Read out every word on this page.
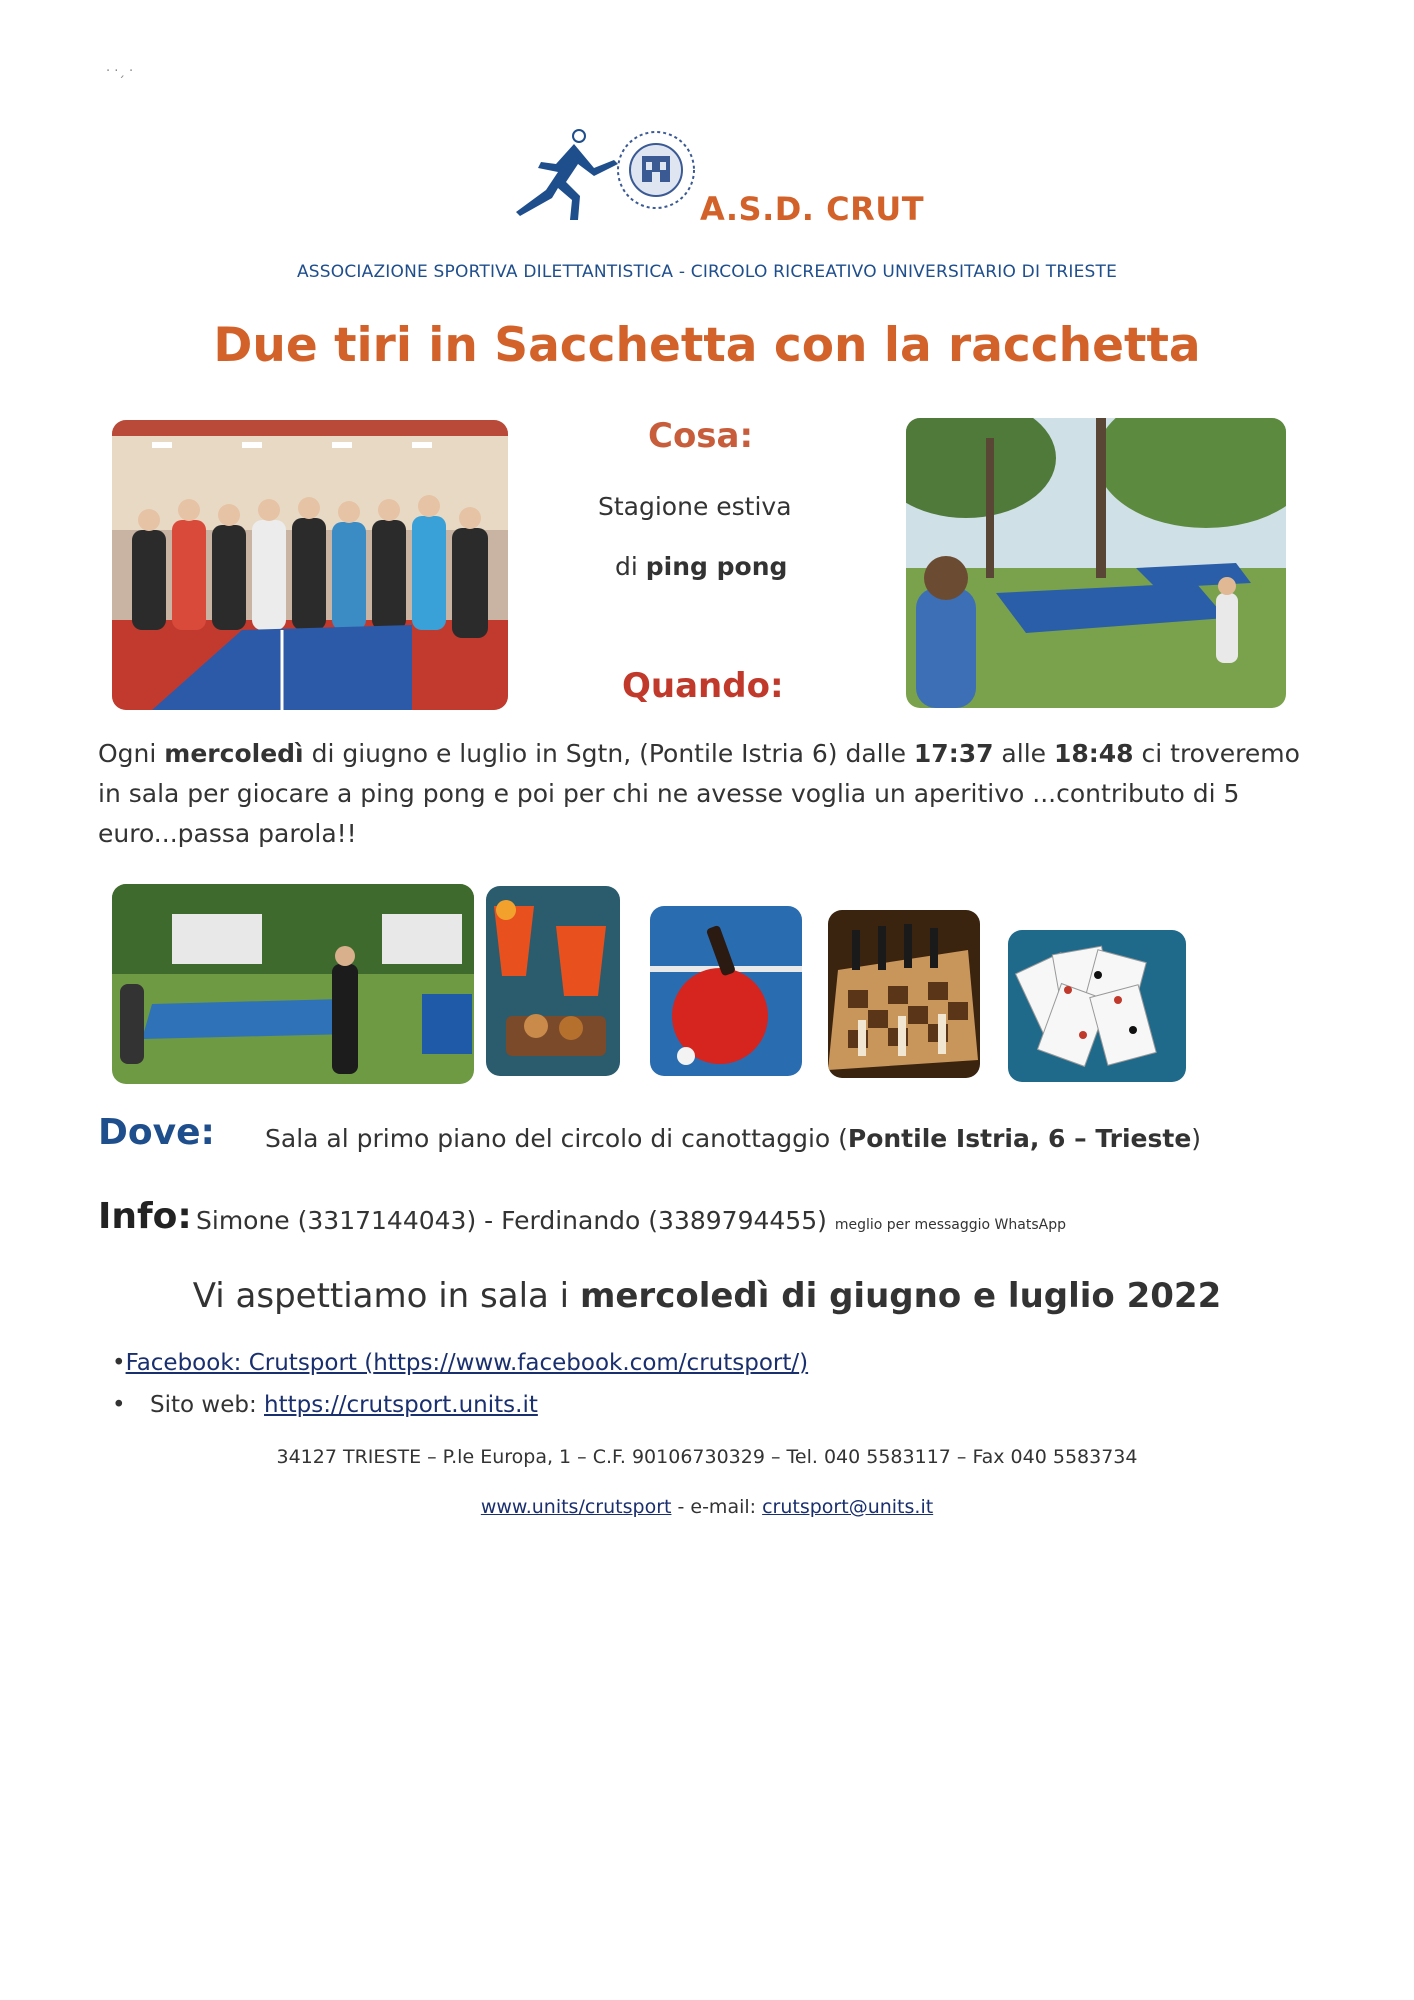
· ·ˏ ·
A.S.D. CRUT
ASSOCIAZIONE SPORTIVA DILETTANTISTICA - CIRCOLO RICREATIVO UNIVERSITARIO DI TRIESTE
Due tiri in Sacchetta con la racchetta
Cosa:
Stagione estiva
di ping pong
Quando:
Ogni mercoledì di giugno e luglio in Sgtn, (Pontile Istria 6) dalle 17:37 alle 18:48 ci troveremo in sala per giocare a ping pong e poi per chi ne avesse voglia un aperitivo ...contributo di 5 euro...passa parola!!
Dove: Sala al primo piano del circolo di canottaggio (Pontile Istria, 6 – Trieste)
Info: Simone (3317144043) - Ferdinando (3389794455) meglio per messaggio WhatsApp
Vi aspettiamo in sala i mercoledì di giugno e luglio 2022
•Facebook: Crutsport (https://www.facebook.com/crutsport/)
• Sito web: https://crutsport.units.it
34127 TRIESTE – P.le Europa, 1 – C.F. 90106730329 – Tel. 040 5583117 – Fax 040 5583734
www.units/crutsport - e-mail: crutsport@units.it
